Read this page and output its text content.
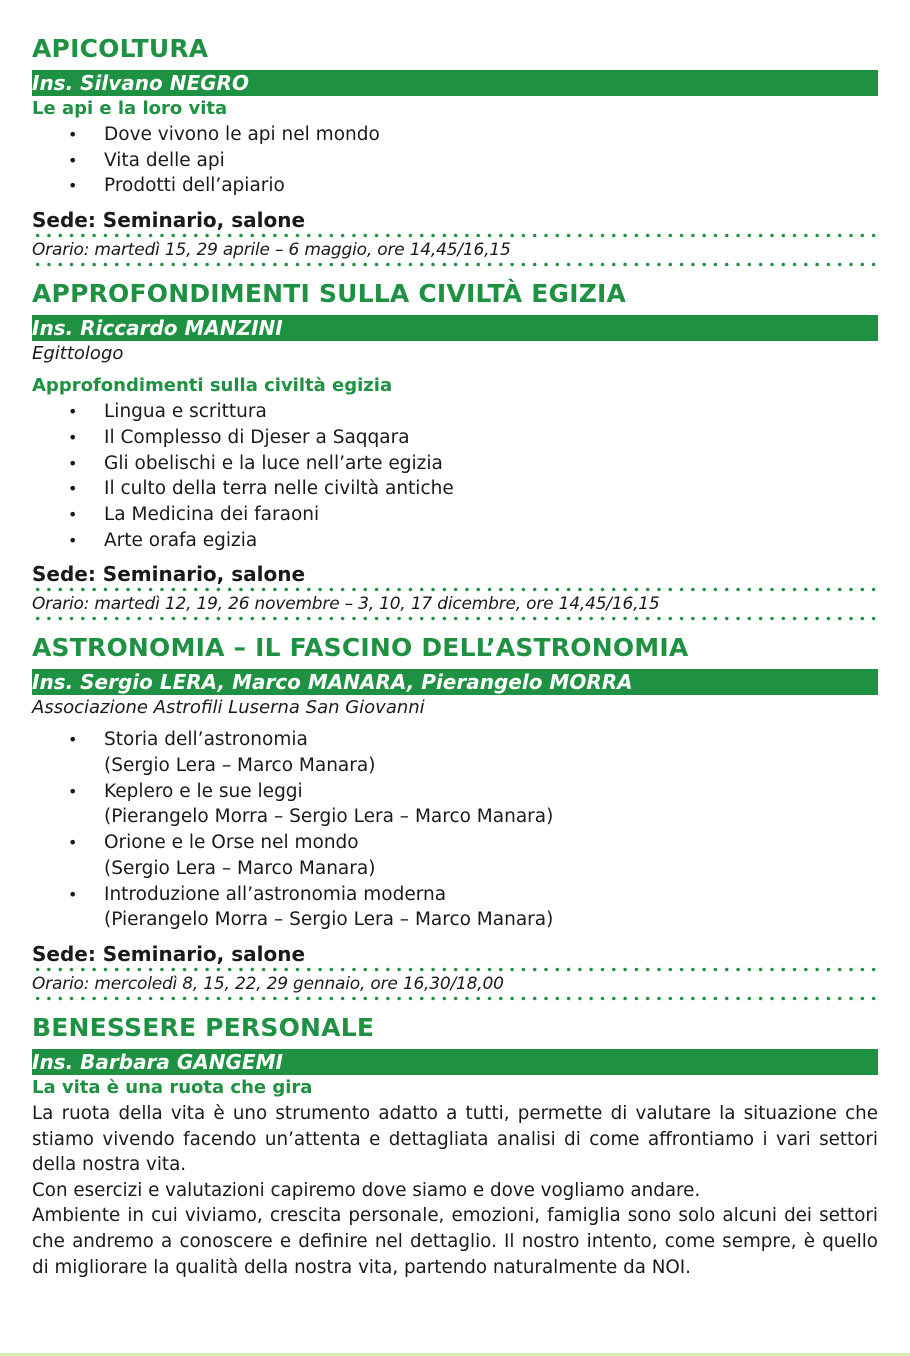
APICOLTURA
Ins. Silvano NEGRO
Le api e la loro vita
• Dove vivono le api nel mondo
• Vita delle api
• Prodotti dell’apiario
Sede: Seminario, salone
Orario: martedì 15, 29 aprile – 6 maggio, ore 14,45/16,15
APPROFONDIMENTI SULLA CIVILTÀ EGIZIA
Ins. Riccardo MANZINI
Egittologo
Approfondimenti sulla civiltà egizia
• Lingua e scrittura
• Il Complesso di Djeser a Saqqara
• Gli obelischi e la luce nell’arte egizia
• Il culto della terra nelle civiltà antiche
• La Medicina dei faraoni
• Arte orafa egizia
Sede: Seminario, salone
Orario: martedì 12, 19, 26 novembre – 3, 10, 17 dicembre, ore 14,45/16,15
ASTRONOMIA – IL FASCINO DELL’ASTRONOMIA
Ins. Sergio LERA, Marco MANARA, Pierangelo MORRA
Associazione Astrofili Luserna San Giovanni
• Storia dell’astronomia
(Sergio Lera – Marco Manara)
• Keplero e le sue leggi
(Pierangelo Morra – Sergio Lera – Marco Manara)
• Orione e le Orse nel mondo
(Sergio Lera – Marco Manara)
• Introduzione all’astronomia moderna
(Pierangelo Morra – Sergio Lera – Marco Manara)
Sede: Seminario, salone
Orario: mercoledì 8, 15, 22, 29 gennaio, ore 16,30/18,00
BENESSERE PERSONALE
Ins. Barbara GANGEMI
La vita è una ruota che gira
La ruota della vita è uno strumento adatto a tutti, permette di valutare la situazione che stiamo vivendo facendo un’attenta e dettagliata analisi di come affrontiamo i vari settori della nostra vita.
Con esercizi e valutazioni capiremo dove siamo e dove vogliamo andare.
Ambiente in cui viviamo, crescita personale, emozioni, famiglia sono solo alcuni dei settori che andremo a conoscere e definire nel dettaglio. Il nostro intento, come sempre, è quello di migliorare la qualità della nostra vita, partendo naturalmente da NOI.
